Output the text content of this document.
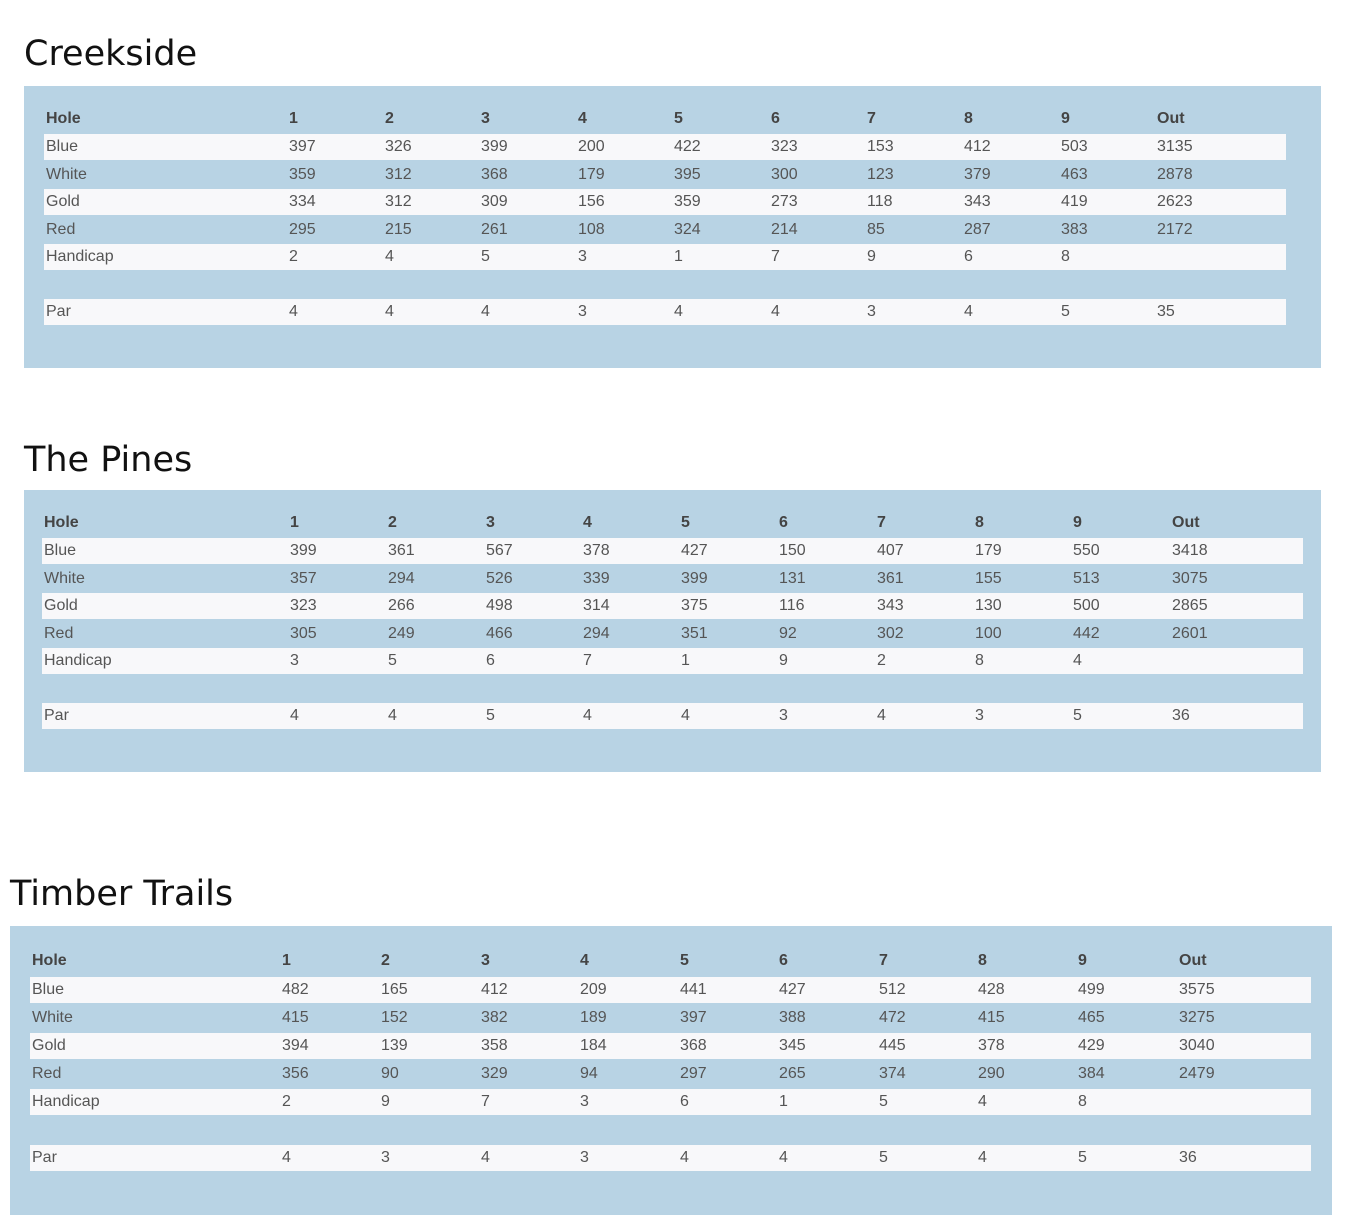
Creekside
Hole	1	2	3	4	5	6	7	8	9	Out
Blue	397	326	399	200	422	323	153	412	503	3135
White	359	312	368	179	395	300	123	379	463	2878
Gold	334	312	309	156	359	273	118	343	419	2623
Red	295	215	261	108	324	214	85	287	383	2172
Handicap	2	4	5	3	1	7	9	6	8
Par	4	4	4	3	4	4	3	4	5	35
The Pines
Hole	1	2	3	4	5	6	7	8	9	Out
Blue	399	361	567	378	427	150	407	179	550	3418
White	357	294	526	339	399	131	361	155	513	3075
Gold	323	266	498	314	375	116	343	130	500	2865
Red	305	249	466	294	351	92	302	100	442	2601
Handicap	3	5	6	7	1	9	2	8	4
Par	4	4	5	4	4	3	4	3	5	36
Timber Trails
Hole	1	2	3	4	5	6	7	8	9	Out
Blue	482	165	412	209	441	427	512	428	499	3575
White	415	152	382	189	397	388	472	415	465	3275
Gold	394	139	358	184	368	345	445	378	429	3040
Red	356	90	329	94	297	265	374	290	384	2479
Handicap	2	9	7	3	6	1	5	4	8
Par	4	3	4	3	4	4	5	4	5	36
